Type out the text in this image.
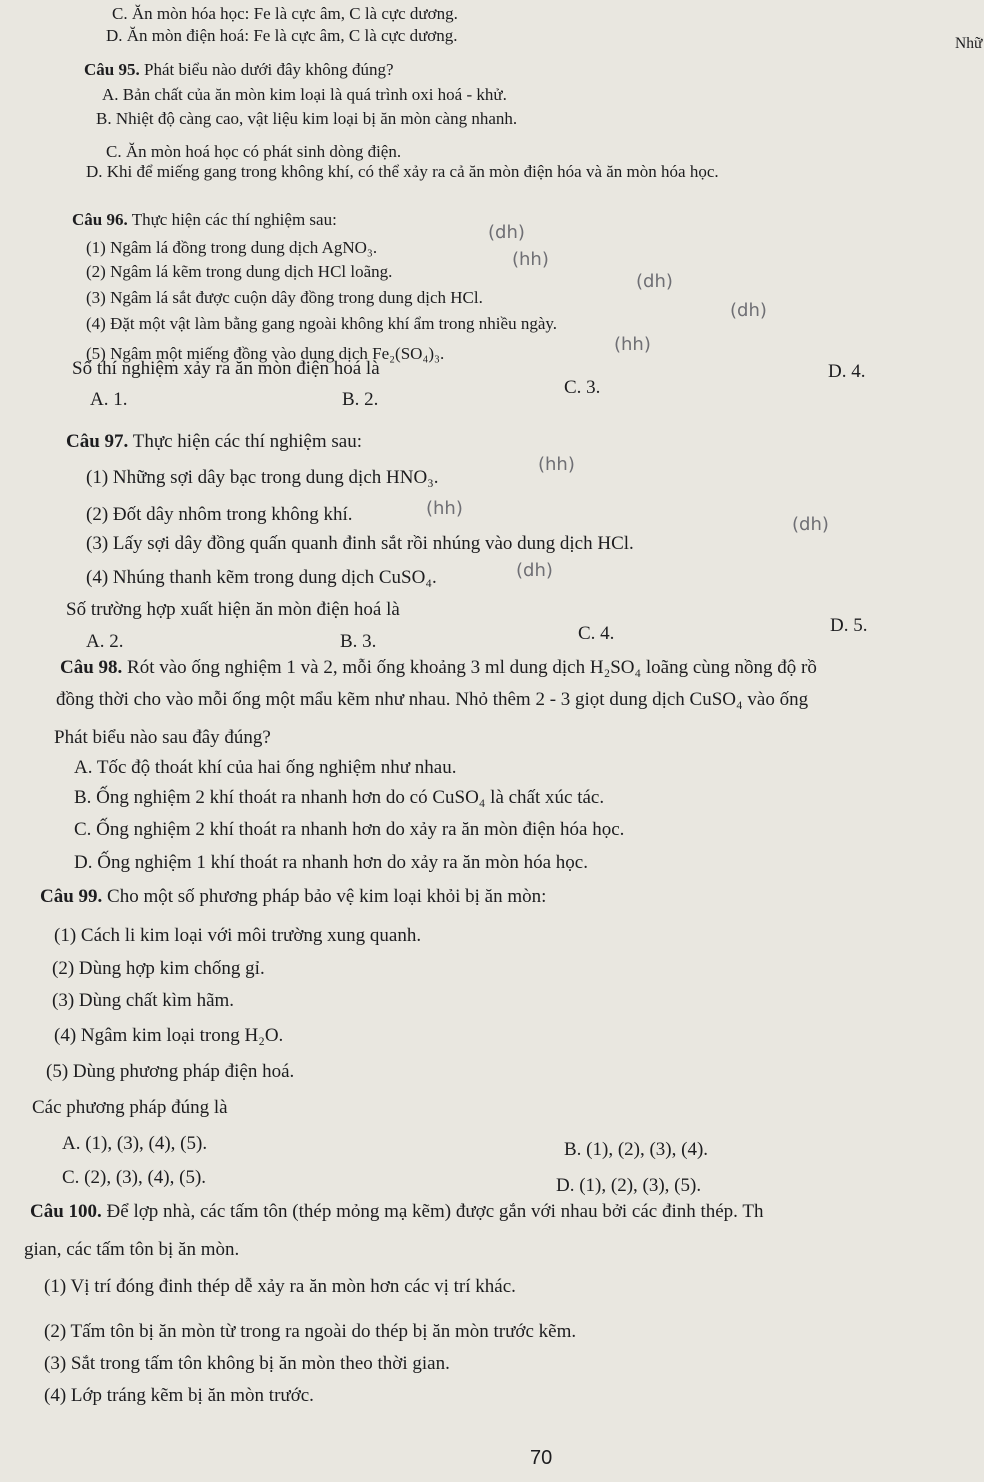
C. Ăn mòn hóa học: Fe là cực âm, C là cực dương.
D. Ăn mòn điện hoá: Fe là cực âm, C là cực dương.	Nhữ
Câu 95. Phát biểu nào dưới đây không đúng?
A. Bản chất của ăn mòn kim loại là quá trình oxi hoá - khử.
B. Nhiệt độ càng cao, vật liệu kim loại bị ăn mòn càng nhanh.
C. Ăn mòn hoá học có phát sinh dòng điện.
D. Khi để miếng gang trong không khí, có thể xảy ra cả ăn mòn điện hóa và ăn mòn hóa học.
Câu 96. Thực hiện các thí nghiệm sau:
(1) Ngâm lá đồng trong dung dịch AgNO₃.
(2) Ngâm lá kẽm trong dung dịch HCl loãng.
(3) Ngâm lá sắt được cuộn dây đồng trong dung dịch HCl.
(4) Đặt một vật làm bằng gang ngoài không khí ẩm trong nhiều ngày.
(5) Ngâm một miếng đồng vào dung dịch Fe₂(SO₄)₃.
(dh)
(hh)
(dh)
(dh)
(hh)
Số thí nghiệm xảy ra ăn mòn điện hoá là
A. 1.	B. 2.
C. 3.
D. 4.
Câu 97. Thực hiện các thí nghiệm sau:
(1) Những sợi dây bạc trong dung dịch HNO₃.
(2) Đốt dây nhôm trong không khí.
(3) Lấy sợi dây đồng quấn quanh đinh sắt rồi nhúng vào dung dịch HCl.
(4) Nhúng thanh kẽm trong dung dịch CuSO₄.
(hh)
(hh)
(dh)
(dh)
Số trường hợp xuất hiện ăn mòn điện hoá là
A. 2.	B. 3.	C. 4.	D. 5.
Câu 98. Rót vào ống nghiệm 1 và 2, mỗi ống khoảng 3 ml dung dịch H₂SO₄ loãng cùng nồng độ rồ
đồng thời cho vào mỗi ống một mẩu kẽm như nhau. Nhỏ thêm 2 - 3 giọt dung dịch CuSO₄ vào ống
Phát biểu nào sau đây đúng?
A. Tốc độ thoát khí của hai ống nghiệm như nhau.
B. Ống nghiệm 2 khí thoát ra nhanh hơn do có CuSO₄ là chất xúc tác.
C. Ống nghiệm 2 khí thoát ra nhanh hơn do xảy ra ăn mòn điện hóa học.
D. Ống nghiệm 1 khí thoát ra nhanh hơn do xảy ra ăn mòn hóa học.
Câu 99. Cho một số phương pháp bảo vệ kim loại khỏi bị ăn mòn:
(1) Cách li kim loại với môi trường xung quanh.
(2) Dùng hợp kim chống gỉ.
(3) Dùng chất kìm hãm.
(4) Ngâm kim loại trong H₂O.
(5) Dùng phương pháp điện hoá.
Các phương pháp đúng là
A. (1), (3), (4), (5).	B. (1), (2), (3), (4).
C. (2), (3), (4), (5).	D. (1), (2), (3), (5).
Câu 100. Để lợp nhà, các tấm tôn (thép mỏng mạ kẽm) được gắn với nhau bởi các đinh thép. Th
gian, các tấm tôn bị ăn mòn.
(1) Vị trí đóng đinh thép dễ xảy ra ăn mòn hơn các vị trí khác.
(2) Tấm tôn bị ăn mòn từ trong ra ngoài do thép bị ăn mòn trước kẽm.
(3) Sắt trong tấm tôn không bị ăn mòn theo thời gian.
(4) Lớp tráng kẽm bị ăn mòn trước.
70
